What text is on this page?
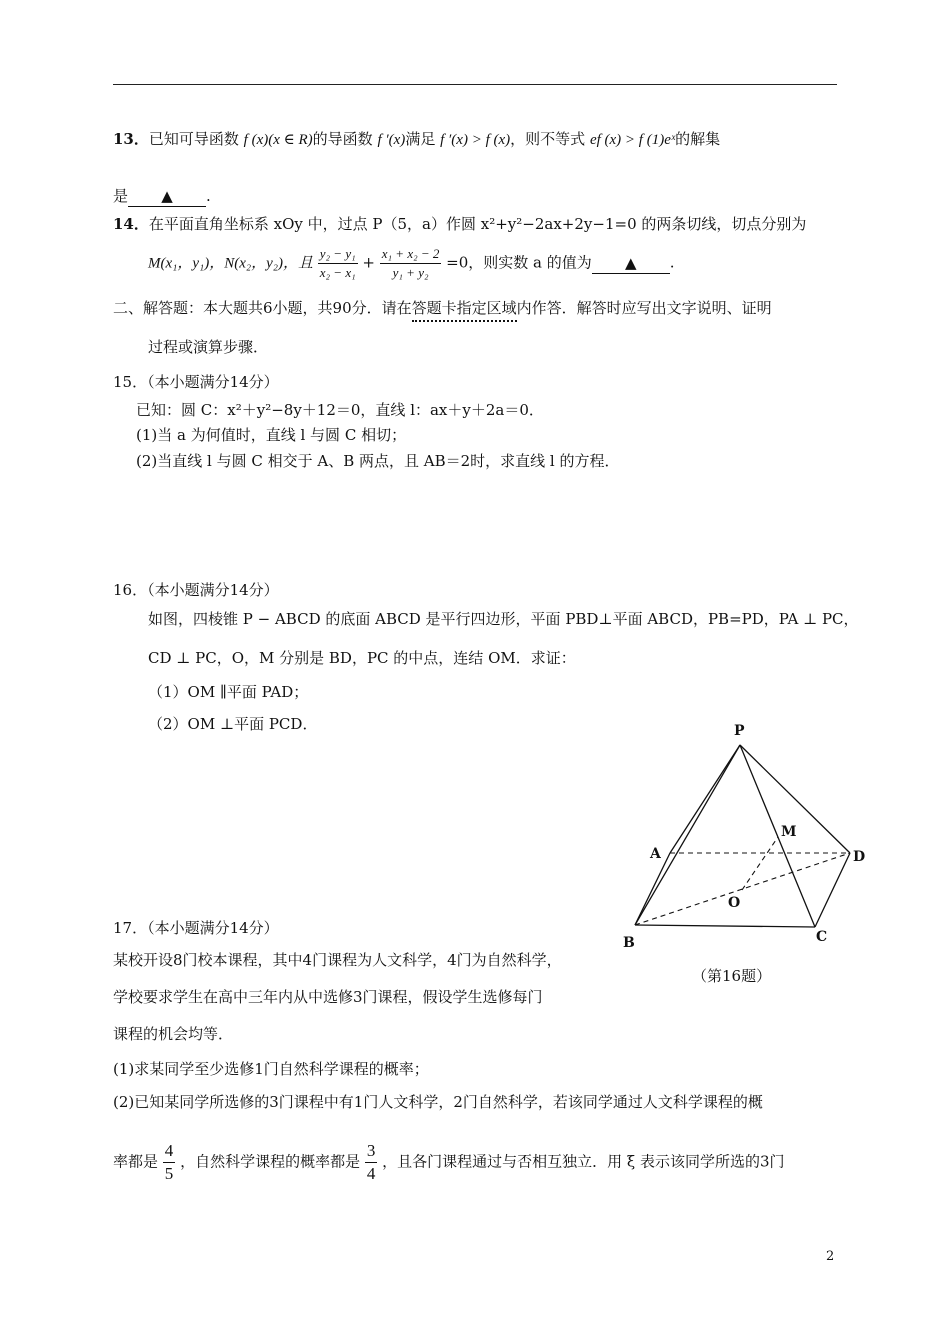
13．已知可导函数 f (x)(x ∈ R)的导函数 f ′(x)满足 f ′(x) > f (x)，则不等式 ef (x) > f (1)eˣ的解集
是 ▲ .
14．在平面直角坐标系 xOy 中，过点 P（5，a）作圆 x²+y²−2ax+2y−1=0 的两条切线，切点分别为
M(x₁，y₁)，N(x₂，y₂)，且 $\frac{\text{y₂ − y₁}}{\text{x₂ − x₁}} + \frac{\text{x₁ + x₂ − 2}}{\text{y₁ + y₂}} =0$，则实数 a 的值为 ▲ .
二、解答题：本大题共6小题，共90分．请在答题卡指定区域内作答．解答时应写出文字说明、证明
过程或演算步骤．
15．（本小题满分14分）
已知：圆 C：x²＋y²−8y＋12＝0，直线 l：ax＋y＋2a＝0．
(1)当 a 为何值时，直线 l 与圆 C 相切；
(2)当直线 l 与圆 C 相交于 A、B 两点，且 AB＝2时，求直线 l 的方程．
16．（本小题满分14分）
如图，四棱锥 P − ABCD 的底面 ABCD 是平行四边形，平面 PBD⊥平面 ABCD，PB=PD，PA ⊥ PC，
CD ⊥ PC，O，M 分别是 BD，PC 的中点，连结 OM．求证：
（1）OM ∥平面 PAD；
（2）OM ⊥平面 PCD．	P
A
B	C
D
M
O
（第16题）
17．（本小题满分14分）
某校开设8门校本课程，其中4门课程为人文科学，4门为自然科学，
学校要求学生在高中三年内从中选修3门课程，假设学生选修每门
课程的机会均等．
(1)求某同学至少选修1门自然科学课程的概率；
(2)已知某同学所选修的3门课程中有1门人文科学，2门自然科学，若该同学通过人文科学课程的概
率都是 $\frac{4}{5}$ ，自然科学课程的概率都是 $\frac{3}{4}$ ，且各门课程通过与否相互独立．用 ξ 表示该同学所选的3门
2
